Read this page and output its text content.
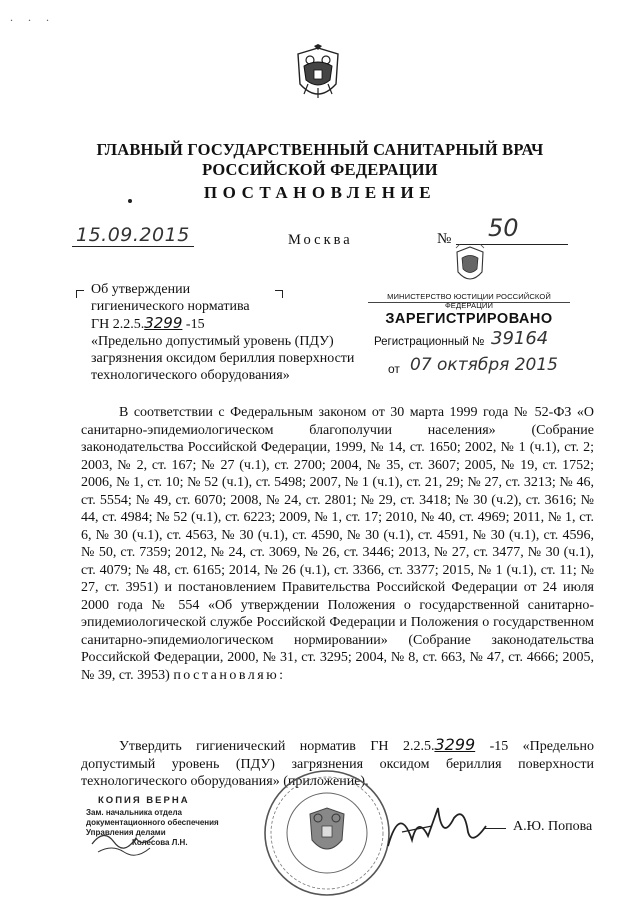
. . .
ГЛАВНЫЙ ГОСУДАРСТВЕННЫЙ САНИТАРНЫЙ ВРАЧ
РОССИЙСКОЙ ФЕДЕРАЦИИ
ПОСТАНОВЛЕНИЕ
15.09.2015	Москва	№ 50
Об утверждении
гигиенического норматива
ГН 2.2.5.3299 -15
«Предельно допустимый уровень (ПДУ)
загрязнения оксидом бериллия поверхности
технологического оборудования»
МИНИСТЕРСТВО ЮСТИЦИИ РОССИЙСКОЙ ФЕДЕРАЦИИ
ЗАРЕГИСТРИРОВАНО
Регистрационный № 39164
от 07 октября 2015

В соответствии с Федеральным законом от 30 марта 1999 года № 52-ФЗ «О санитарно-эпидемиологическом благополучии населения» (Собрание законодательства Российской Федерации, 1999, № 14, ст. 1650; 2002, № 1 (ч.1), ст. 2; 2003, № 2, ст. 167; № 27 (ч.1), ст. 2700; 2004, № 35, ст. 3607; 2005, № 19, ст. 1752; 2006, № 1, ст. 10; № 52 (ч.1), ст. 5498; 2007, № 1 (ч.1), ст. 21, 29; № 27, ст. 3213; № 46, ст. 5554; № 49, ст. 6070; 2008, № 24, ст. 2801; № 29, ст. 3418; № 30 (ч.2), ст. 3616; № 44, ст. 4984; № 52 (ч.1), ст. 6223; 2009, № 1, ст. 17; 2010, № 40, ст. 4969; 2011, № 1, ст. 6, № 30 (ч.1), ст. 4563, № 30 (ч.1), ст. 4590, № 30 (ч.1), ст. 4591, № 30 (ч.1), ст. 4596, № 50, ст. 7359; 2012, № 24, ст. 3069, № 26, ст. 3446; 2013, № 27, ст. 3477, № 30 (ч.1), ст. 4079; № 48, ст. 6165; 2014, № 26 (ч.1), ст. 3366, ст. 3377; 2015, № 1 (ч.1), ст. 11; № 27, ст. 3951) и постановлением Правительства Российской Федерации от 24 июля 2000 года № 554 «Об утверждении Положения о государственной санитарно-эпидемиологической службе Российской Федерации и Положения о государственном санитарно-эпидемиологическом нормировании» (Собрание законодательства Российской Федерации, 2000, № 31, ст. 3295; 2004, № 8, ст. 663, № 47, ст. 4666; 2005, № 39, ст. 3953) постановляю:

Утвердить гигиенический норматив ГН 2.2.5.3299 -15 «Предельно допустимый уровень (ПДУ) загрязнения оксидом бериллия поверхности технологического оборудования» (приложение).

КОПИЯ ВЕРНА
Зам. начальника отдела
документационного обеспечения
Управления делами
Колесова Л.Н.
А.Ю. Попова
